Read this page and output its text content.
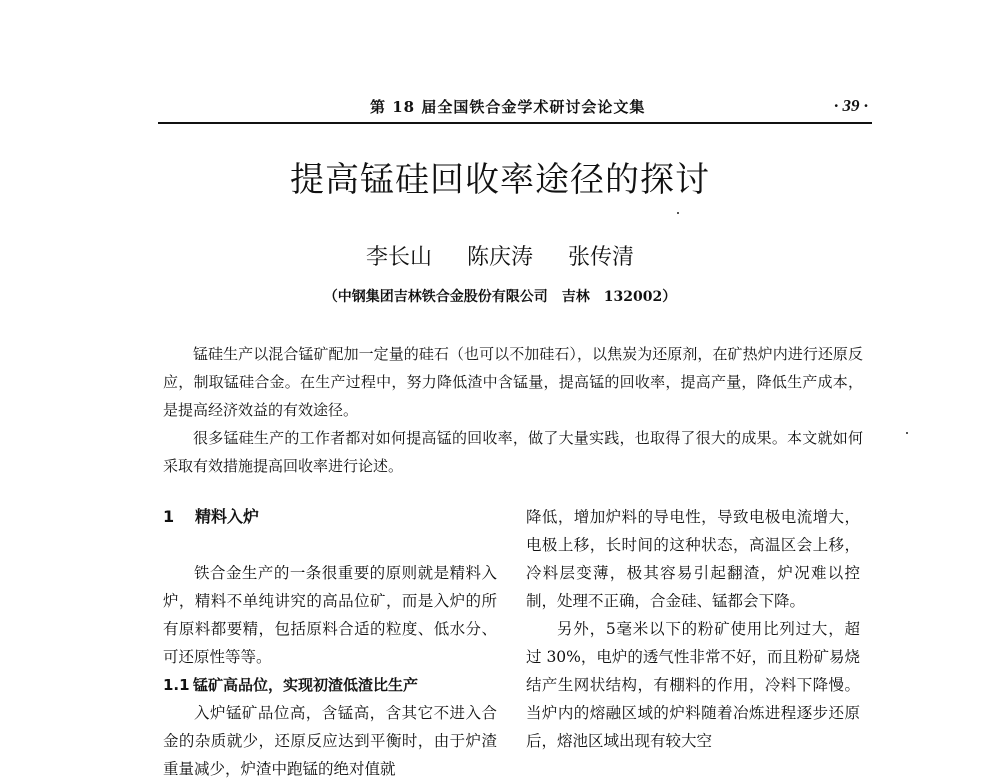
第 18 届全国铁合金学术研讨会论文集	· 39 ·
提高锰硅回收率途径的探讨
李长山 陈庆涛 张传清
（中钢集团吉林铁合金股份有限公司　吉林　132002）

锰硅生产以混合锰矿配加一定量的硅石（也可以不加硅石），以焦炭为还原剂，在矿热炉内进行还原反应，制取锰硅合金。在生产过程中，努力降低渣中含锰量，提高锰的回收率，提高产量，降低生产成本，是提高经济效益的有效途径。

很多锰硅生产的工作者都对如何提高锰的回收率，做了大量实践，也取得了很大的成果。本文就如何采取有效措施提高回收率进行论述。

1 精料入炉

铁合金生产的一条很重要的原则就是精料入炉，精料不单纯讲究的高品位矿，而是入炉的所有原料都要精，包括原料合适的粒度、低水分、可还原性等等。

1.1 锰矿高品位，实现初渣低渣比生产

入炉锰矿品位高，含锰高，含其它不进入合金的杂质就少，还原反应达到平衡时，由于炉渣重量减少，炉渣中跑锰的绝对值就

降低，增加炉料的导电性，导致电极电流增大，电极上移，长时间的这种状态，高温区会上移，冷料层变薄，极其容易引起翻渣，炉况难以控制，处理不正确，合金硅、锰都会下降。

另外，5毫米以下的粉矿使用比列过大，超过 30%，电炉的透气性非常不好，而且粉矿易烧结产生网状结构，有棚料的作用，冷料下降慢。当炉内的熔融区域的炉料随着冶炼进程逐步还原后，熔池区域出现有较大空
